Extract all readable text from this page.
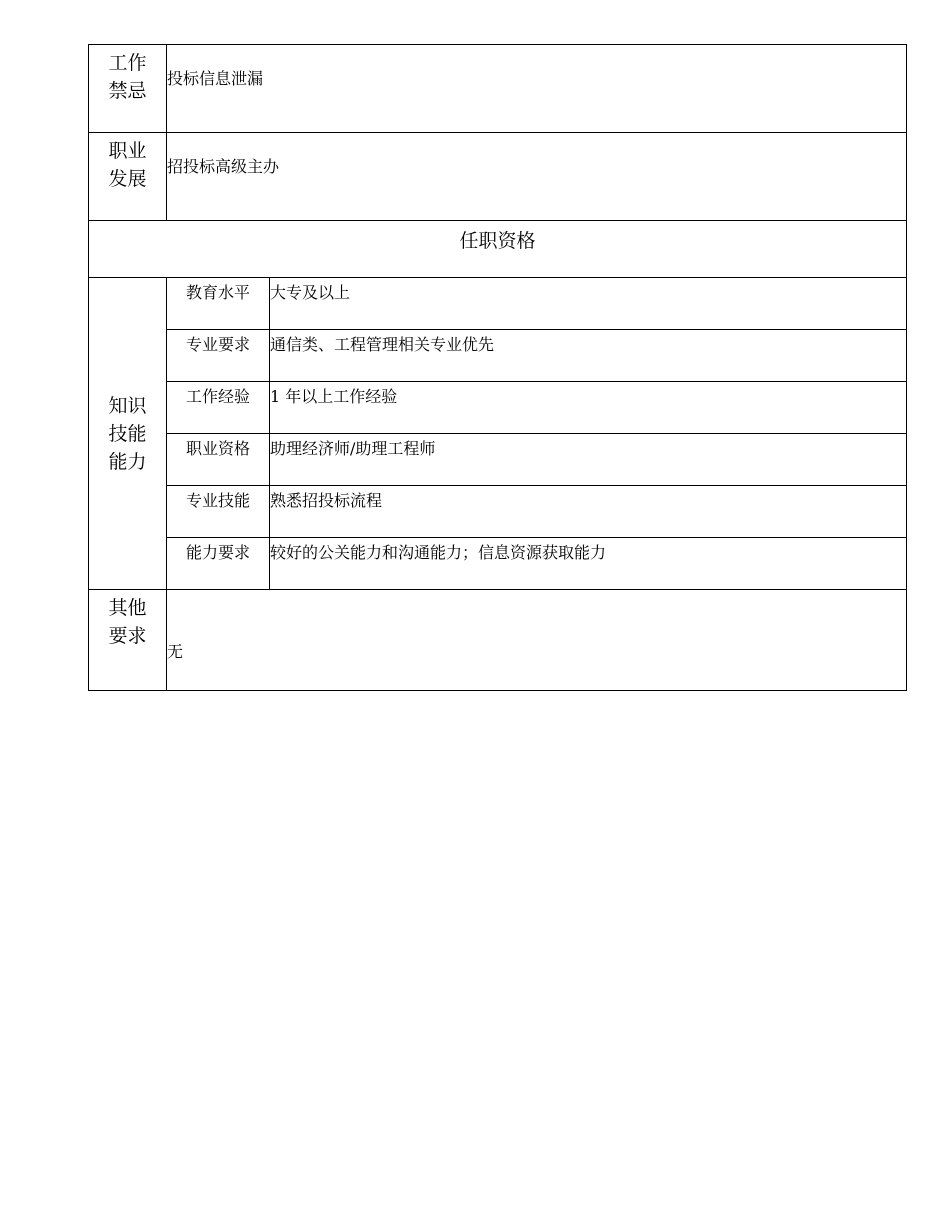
工作
禁忌	投标信息泄漏	

职业
发展	招投标高级主办	
任职资格		

知识
技能
能力	教育水平	大专及以上
	专业要求	通信类、工程管理相关专业优先
	工作经验	1 年以上工作经验
	职业资格	助理经济师/助理工程师
	专业技能	熟悉招投标流程
	能力要求	较好的公关能力和沟通能力；信息资源获取能力

其他
要求	无	
